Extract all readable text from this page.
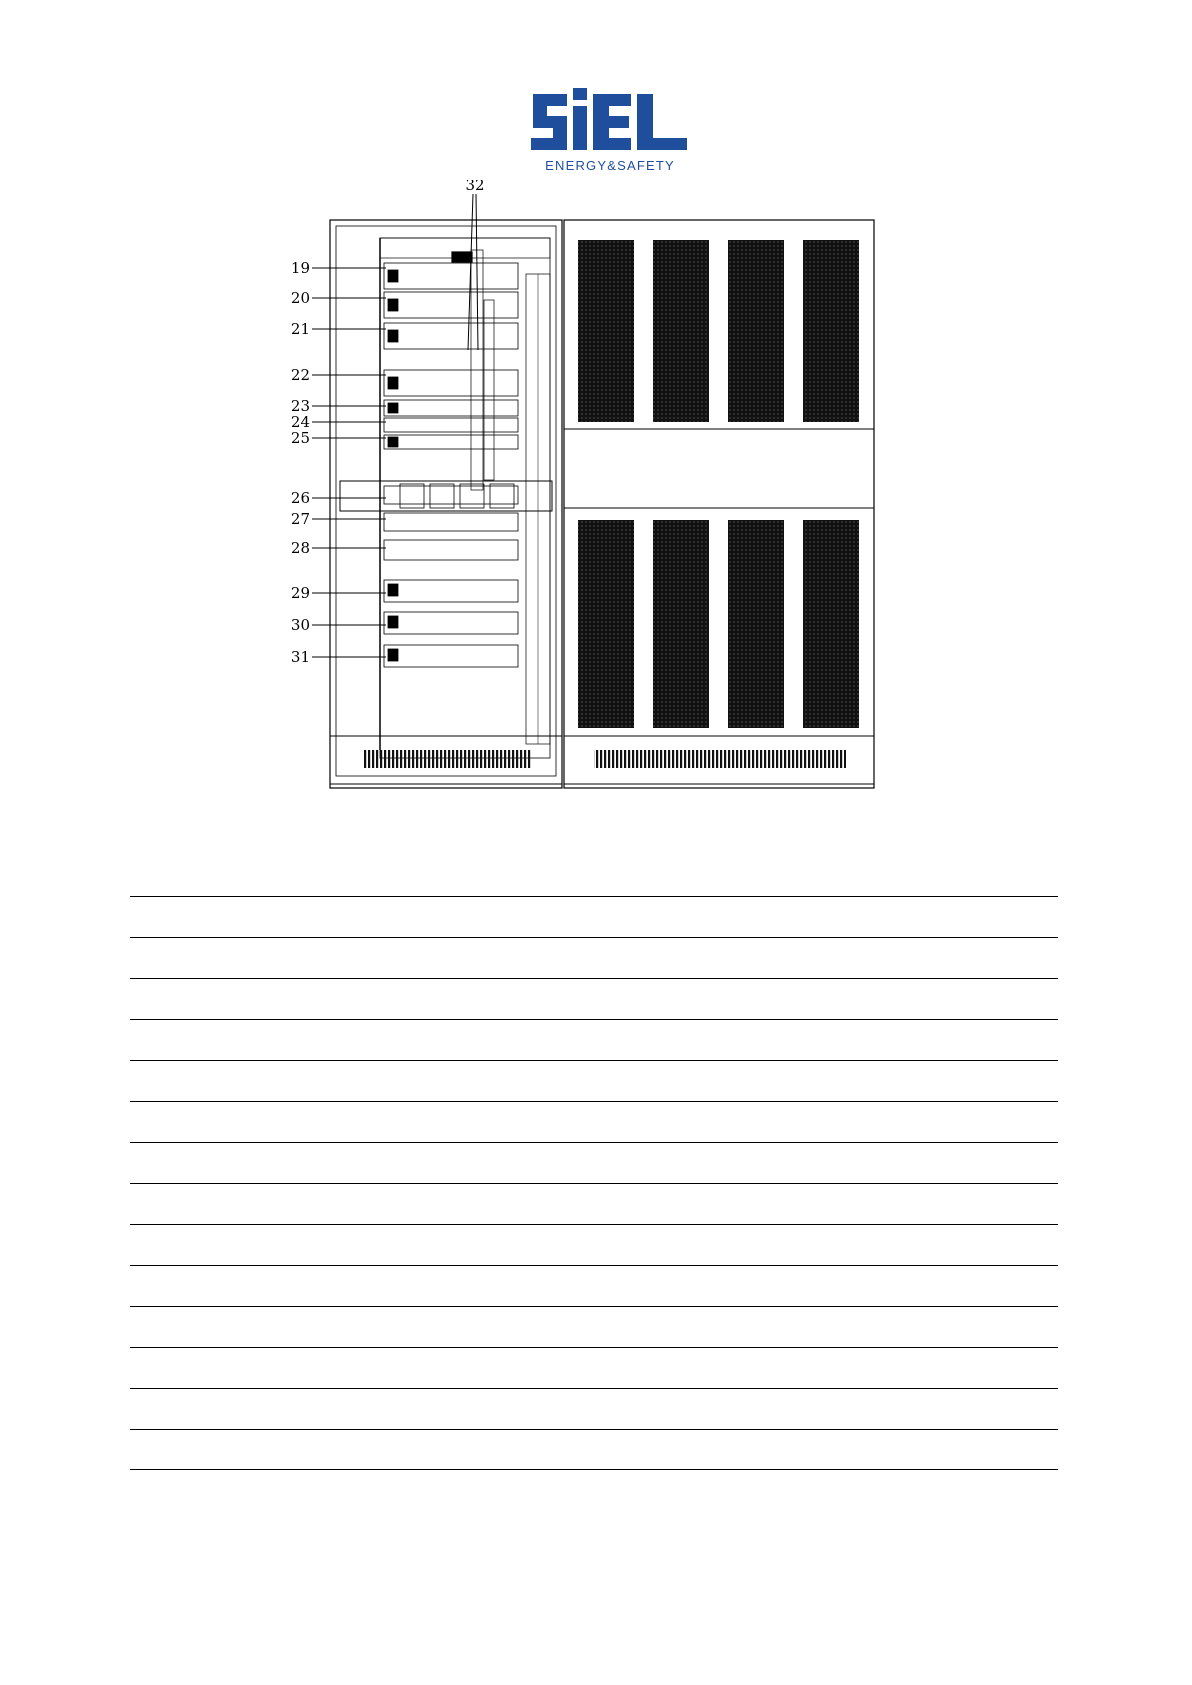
ENERGY&SAFETY
19
20
21
22
23
24
25
26
27
28
29
30
31
32
